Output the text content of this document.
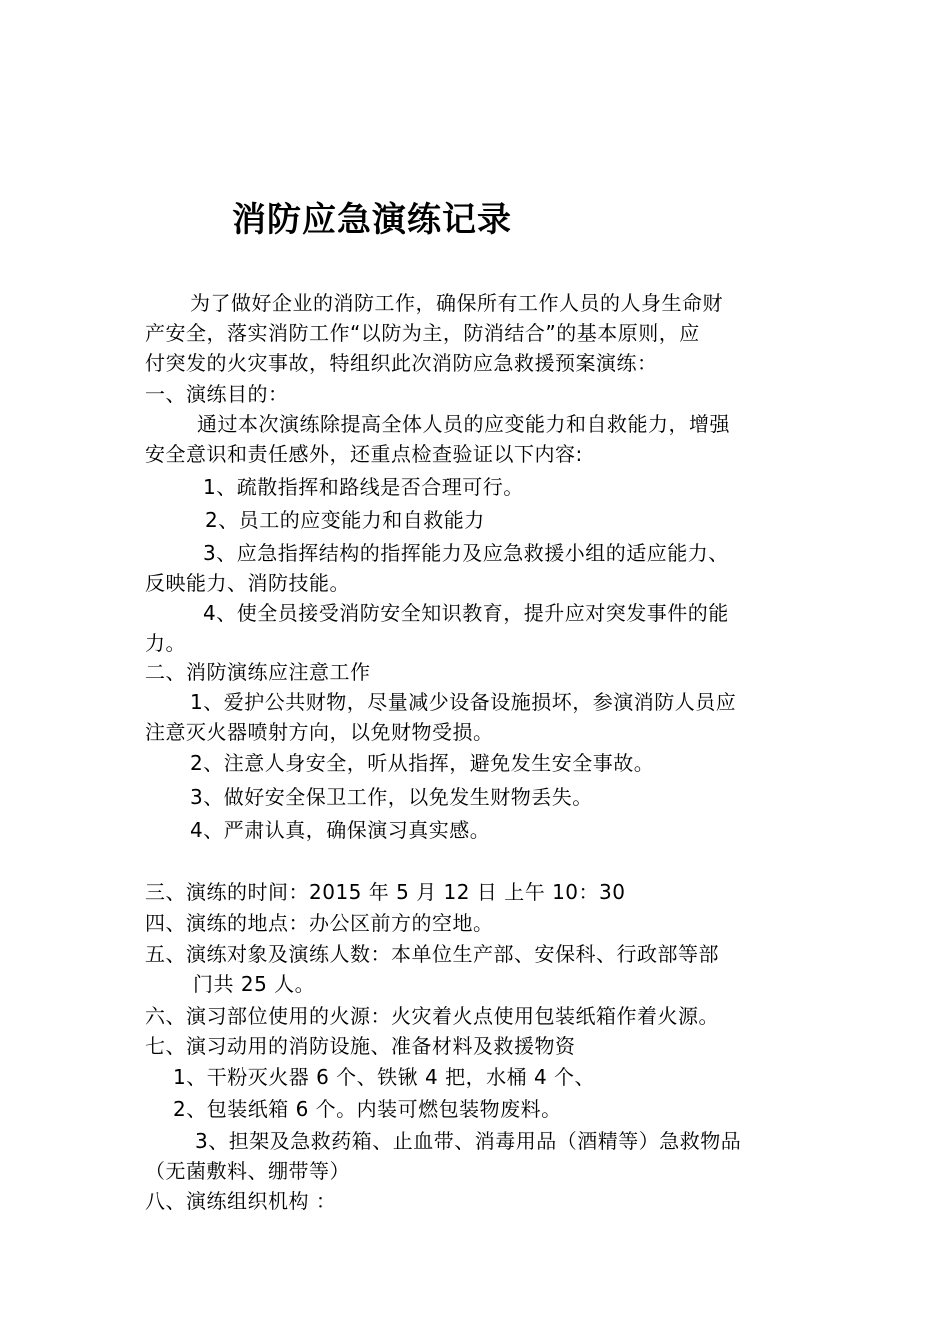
消防应急演练记录
为了做好企业的消防工作，确保所有工作人员的人身生命财
产安全，落实消防工作“以防为主，防消结合”的基本原则，应
付突发的火灾事故，特组织此次消防应急救援预案演练：
一、演练目的：
通过本次演练除提高全体人员的应变能力和自救能力，增强
安全意识和责任感外，还重点检查验证以下内容:
1、疏散指挥和路线是否合理可行。
2、员工的应变能力和自救能力
3、应急指挥结构的指挥能力及应急救援小组的适应能力、
反映能力、消防技能。
4、使全员接受消防安全知识教育，提升应对突发事件的能
力。
二、消防演练应注意工作
1、爱护公共财物，尽量减少设备设施损坏，参演消防人员应
注意灭火器喷射方向，以免财物受损。
2、注意人身安全，听从指挥，避免发生安全事故。
3、做好安全保卫工作，以免发生财物丢失。
4、严肃认真，确保演习真实感。
三、演练的时间：2015 年 5 月 12 日 上午 10：30
四、演练的地点：办公区前方的空地。
五、演练对象及演练人数：本单位生产部、安保科、行政部等部
门共 25 人。
六、演习部位使用的火源：火灾着火点使用包装纸箱作着火源。
七、演习动用的消防设施、准备材料及救援物资
1、干粉灭火器 6 个、铁锹 4 把，水桶 4 个、
2、包装纸箱 6 个。内装可燃包装物废料。
3、担架及急救药箱、止血带、消毒用品（酒精等）急救物品
（无菌敷料、绷带等）
八、演练组织机构 ：
